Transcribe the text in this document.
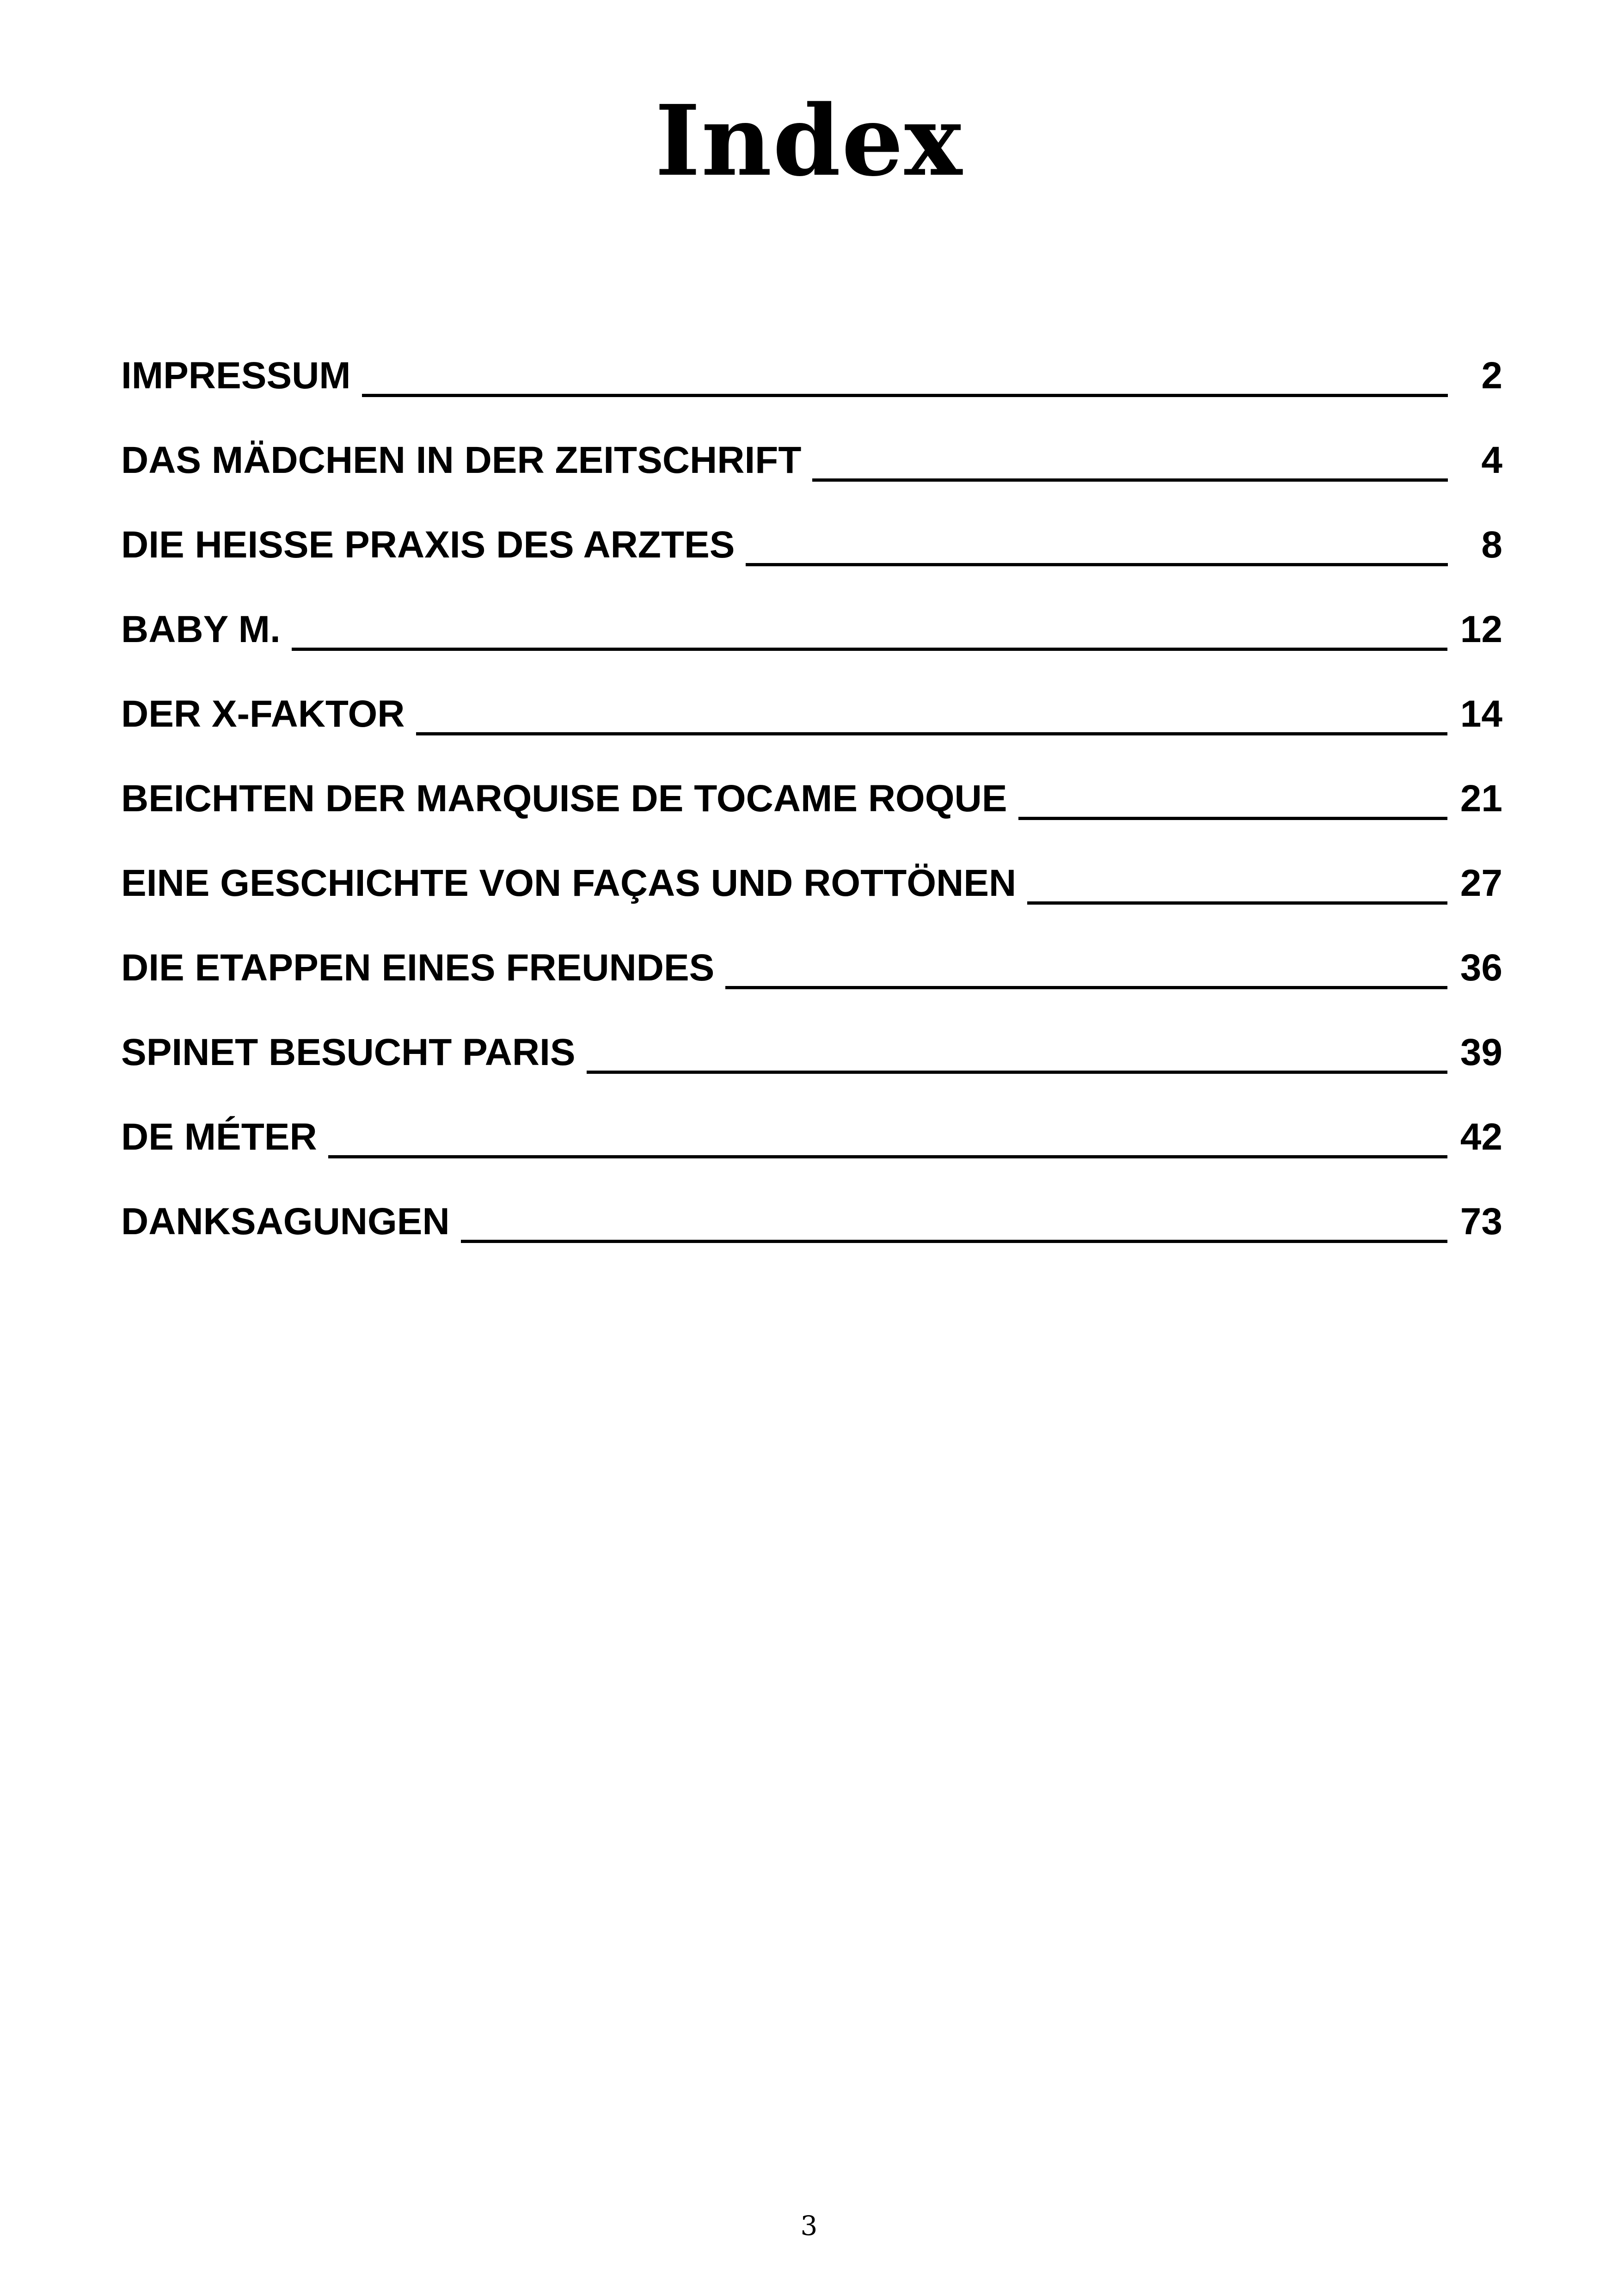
Index
IMPRESSUM	2
DAS MÄDCHEN IN DER ZEITSCHRIFT	4
DIE HEISSE PRAXIS DES ARZTES	8
BABY M.	12
DER X-FAKTOR	14
BEICHTEN DER MARQUISE DE TOCAME ROQUE	21
EINE GESCHICHTE VON FAÇAS UND ROTTÖNEN	27
DIE ETAPPEN EINES FREUNDES	36
SPINET BESUCHT PARIS	39
DE MÉTER	42
DANKSAGUNGEN	73
3
